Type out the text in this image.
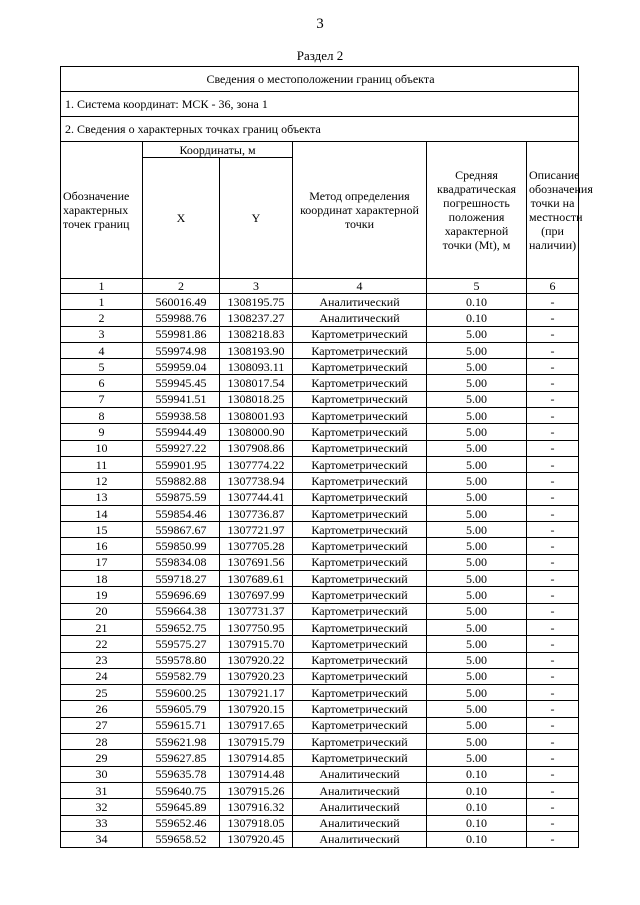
3
Раздел 2
Сведения о местоположении границ объекта					
1. Система координат: МСК - 36, зона 1					
2. Сведения о характерных точках границ объекта					
Обозначение характерных точек границ	Координаты, м		Метод определения координат характерной точки	Средняя квадратическая погрешность положения характерной точки (Mt), м	Описание обозначения точки на местности (при наличии)
	X	Y			
1	2	3	4	5	6
1	560016.49	1308195.75	Аналитический	0.10	-
2	559988.76	1308237.27	Аналитический	0.10	-
3	559981.86	1308218.83	Картометрический	5.00	-
4	559974.98	1308193.90	Картометрический	5.00	-
5	559959.04	1308093.11	Картометрический	5.00	-
6	559945.45	1308017.54	Картометрический	5.00	-
7	559941.51	1308018.25	Картометрический	5.00	-
8	559938.58	1308001.93	Картометрический	5.00	-
9	559944.49	1308000.90	Картометрический	5.00	-
10	559927.22	1307908.86	Картометрический	5.00	-
11	559901.95	1307774.22	Картометрический	5.00	-
12	559882.88	1307738.94	Картометрический	5.00	-
13	559875.59	1307744.41	Картометрический	5.00	-
14	559854.46	1307736.87	Картометрический	5.00	-
15	559867.67	1307721.97	Картометрический	5.00	-
16	559850.99	1307705.28	Картометрический	5.00	-
17	559834.08	1307691.56	Картометрический	5.00	-
18	559718.27	1307689.61	Картометрический	5.00	-
19	559696.69	1307697.99	Картометрический	5.00	-
20	559664.38	1307731.37	Картометрический	5.00	-
21	559652.75	1307750.95	Картометрический	5.00	-
22	559575.27	1307915.70	Картометрический	5.00	-
23	559578.80	1307920.22	Картометрический	5.00	-
24	559582.79	1307920.23	Картометрический	5.00	-
25	559600.25	1307921.17	Картометрический	5.00	-
26	559605.79	1307920.15	Картометрический	5.00	-
27	559615.71	1307917.65	Картометрический	5.00	-
28	559621.98	1307915.79	Картометрический	5.00	-
29	559627.85	1307914.85	Картометрический	5.00	-
30	559635.78	1307914.48	Аналитический	0.10	-
31	559640.75	1307915.26	Аналитический	0.10	-
32	559645.89	1307916.32	Аналитический	0.10	-
33	559652.46	1307918.05	Аналитический	0.10	-
34	559658.52	1307920.45	Аналитический	0.10	-
